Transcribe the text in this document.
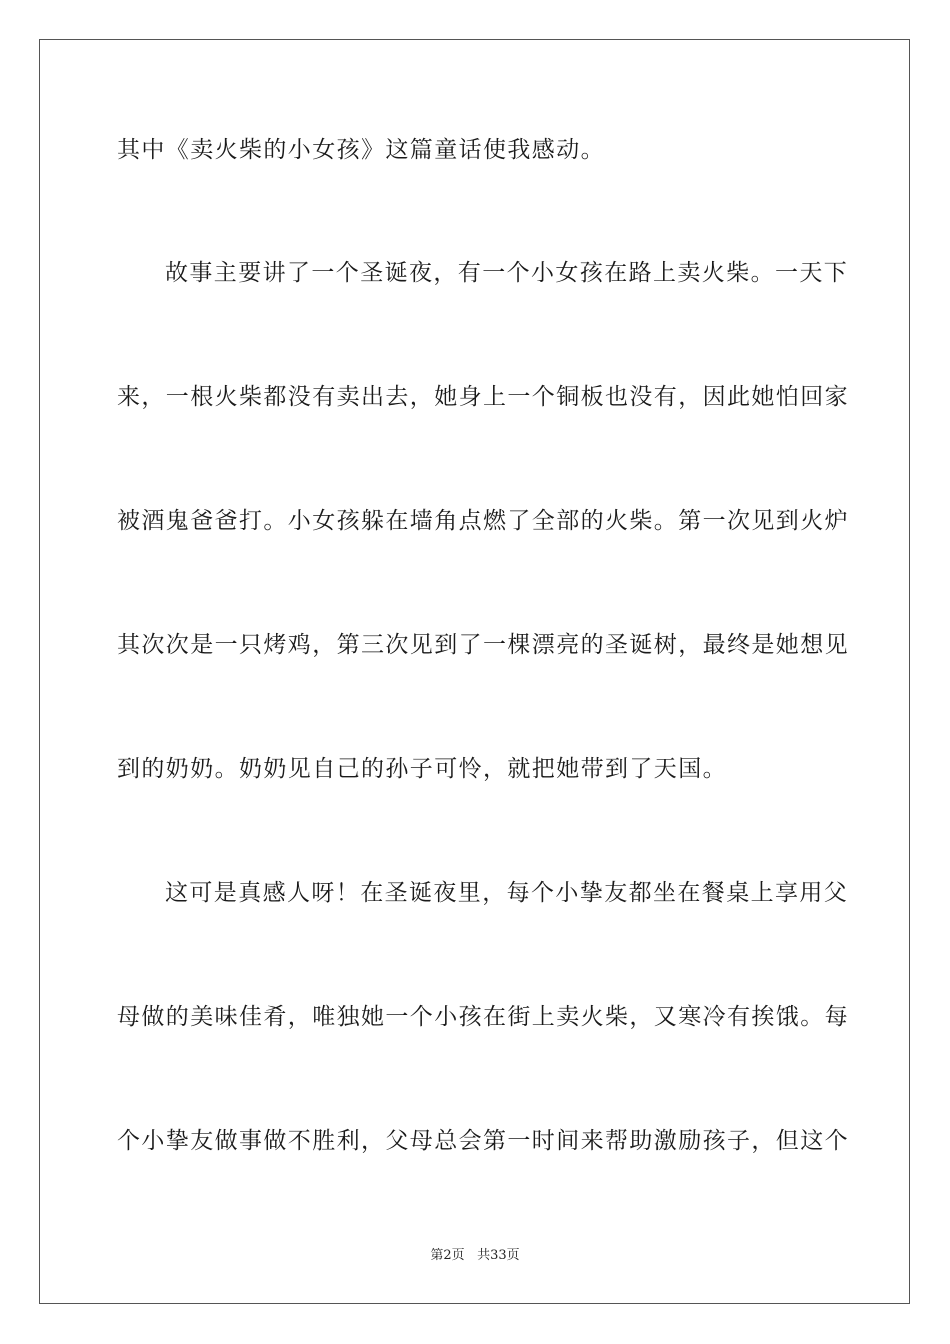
其中《卖火柴的小女孩》这篇童话使我感动。
故事主要讲了一个圣诞夜，有一个小女孩在路上卖火柴。一天下
来，一根火柴都没有卖出去，她身上一个铜板也没有，因此她怕回家
被酒鬼爸爸打。小女孩躲在墙角点燃了全部的火柴。第一次见到火炉
其次次是一只烤鸡，第三次见到了一棵漂亮的圣诞树，最终是她想见
到的奶奶。奶奶见自己的孙子可怜，就把她带到了天国。
这可是真感人呀！在圣诞夜里，每个小挚友都坐在餐桌上享用父
母做的美味佳肴，唯独她一个小孩在街上卖火柴，又寒冷有挨饿。每
个小挚友做事做不胜利，父母总会第一时间来帮助激励孩子，但这个
第2页 共33页
